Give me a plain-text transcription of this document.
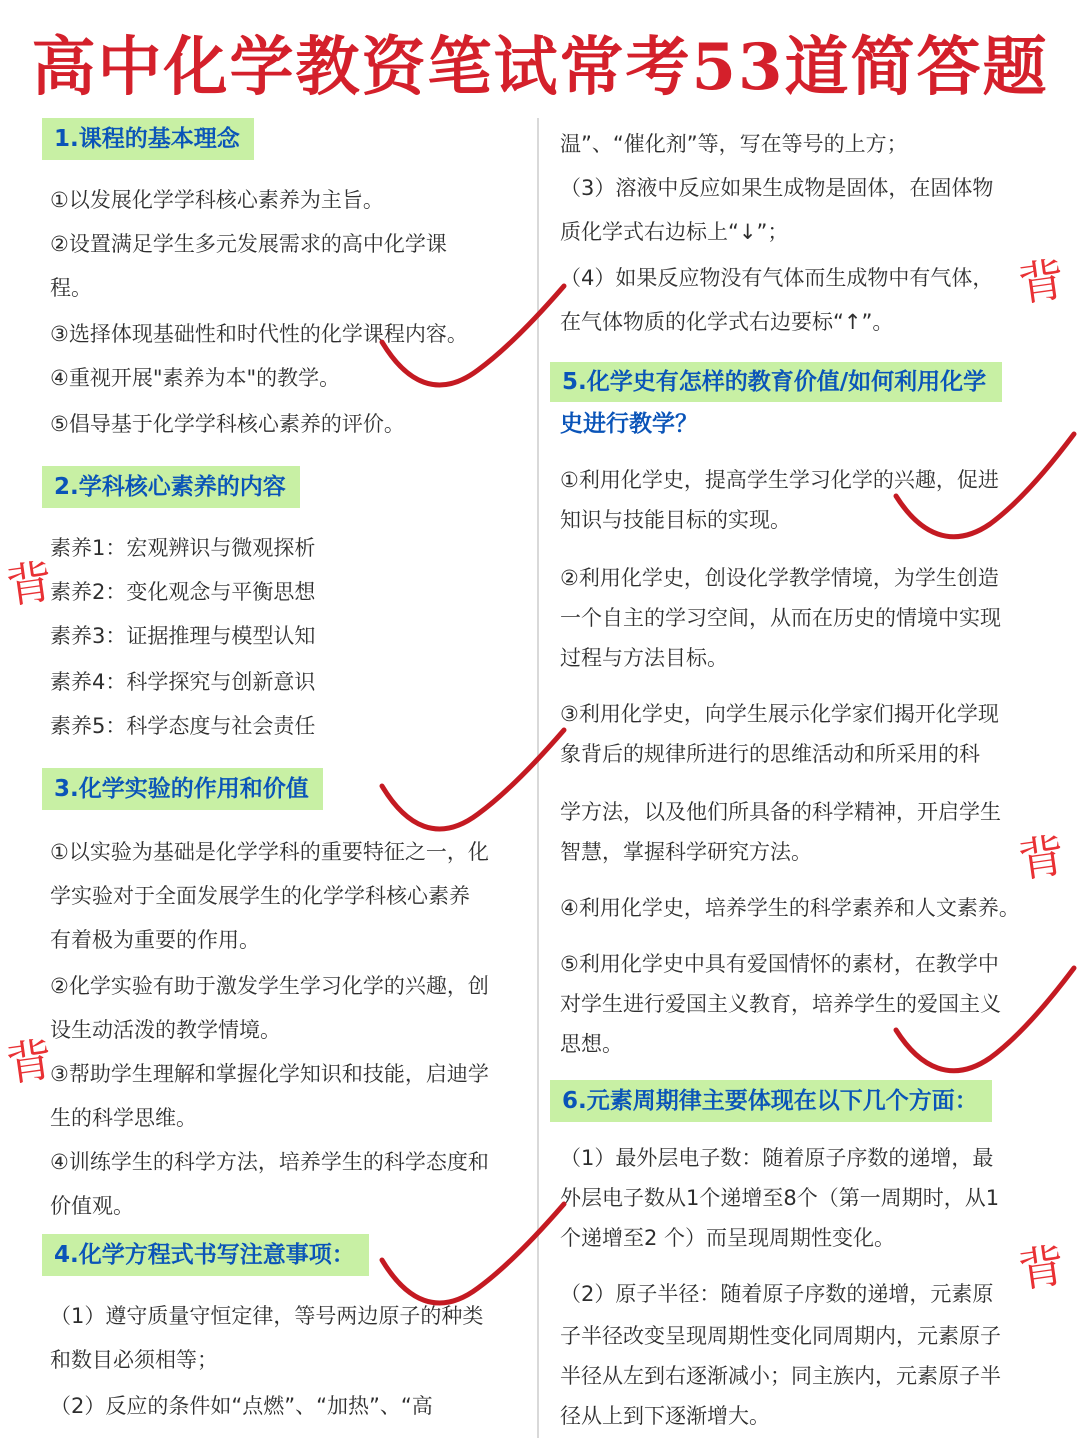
高中化学教资笔试常考53道简答题
1.课程的基本理念
①以发展化学学科核心素养为主旨。
②设置满足学生多元发展需求的高中化学课
程。
③选择体现基础性和时代性的化学课程内容。
④重视开展"素养为本"的教学。
⑤倡导基于化学学科核心素养的评价。
2.学科核心素养的内容
素养1：宏观辨识与微观探析
素养2：变化观念与平衡思想
素养3：证据推理与模型认知
素养4：科学探究与创新意识
素养5：科学态度与社会责任
3.化学实验的作用和价值
①以实验为基础是化学学科的重要特征之一，化
学实验对于全面发展学生的化学学科核心素养
有着极为重要的作用。
②化学实验有助于激发学生学习化学的兴趣，创
设生动活泼的教学情境。
③帮助学生理解和掌握化学知识和技能，启迪学
生的科学思维。
④训练学生的科学方法，培养学生的科学态度和
价值观。
4.化学方程式书写注意事项：
（1）遵守质量守恒定律，等号两边原子的种类
和数目必须相等；
（2）反应的条件如“点燃”、“加热”、“高
温”、“催化剂”等，写在等号的上方；
（3）溶液中反应如果生成物是固体，在固体物
质化学式右边标上“↓”；
（4）如果反应物没有气体而生成物中有气体，
在气体物质的化学式右边要标“↑”。
5.化学史有怎样的教育价值/如何利用化学
史进行教学？
①利用化学史，提高学生学习化学的兴趣，促进
知识与技能目标的实现。
②利用化学史，创设化学教学情境，为学生创造
一个自主的学习空间，从而在历史的情境中实现
过程与方法目标。
③利用化学史，向学生展示化学家们揭开化学现
象背后的规律所进行的思维活动和所采用的科
学方法，以及他们所具备的科学精神，开启学生
智慧，掌握科学研究方法。
④利用化学史，培养学生的科学素养和人文素养。
⑤利用化学史中具有爱国情怀的素材，在教学中
对学生进行爱国主义教育，培养学生的爱国主义
思想。
6.元素周期律主要体现在以下几个方面：
（1）最外层电子数：随着原子序数的递增，最
外层电子数从1个递增至8个（第一周期时，从1
个递增至2 个）而呈现周期性变化。
（2）原子半径：随着原子序数的递增，元素原
子半径改变呈现周期性变化同周期内，元素原子
半径从左到右逐渐减小；同主族内，元素原子半
径从上到下逐渐增大。
背
背
背
背
背
